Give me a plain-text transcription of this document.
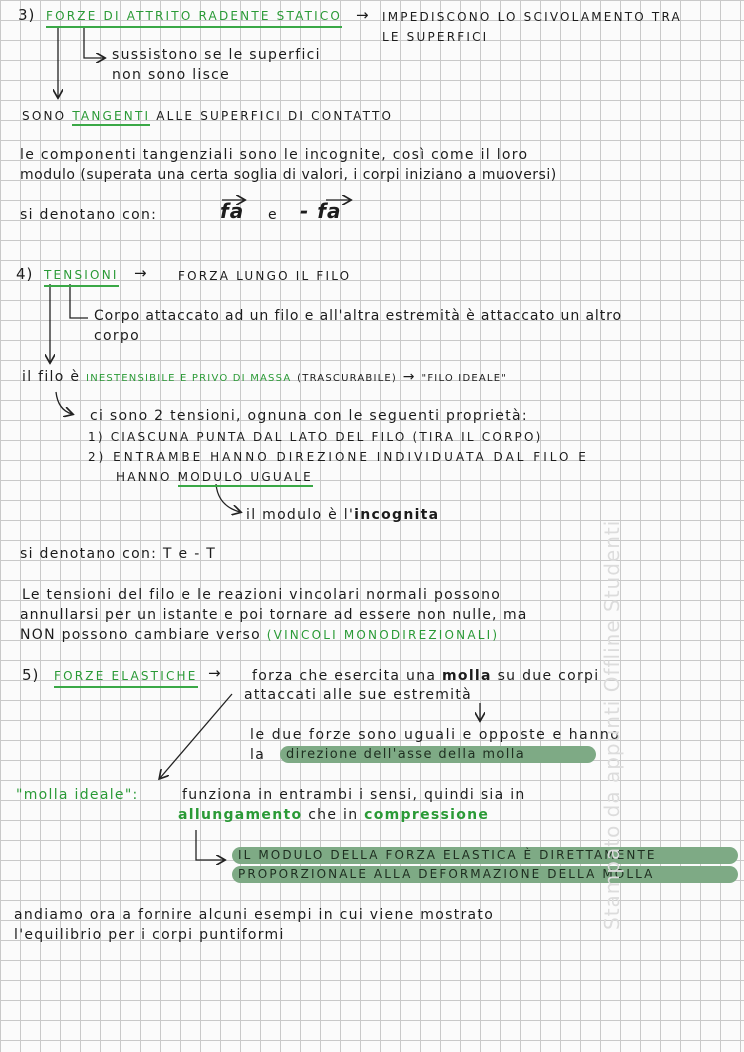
3) FORZE DI ATTRITO RADENTE STATICO → IMPEDISCONO LO SCIVOLAMENTO TRA
LE SUPERFICI
sussistono se le superfici
non sono lisce
SONO TANGENTI ALLE SUPERFICI DI CONTATTO
le componenti tangenziali sono le incognite, così come il loro
modulo (superata una certa soglia di valori, i corpi iniziano a muoversi)
si denotano con:	fa e - fa
4) TENSIONI →	FORZA LUNGO IL FILO
Corpo attaccato ad un filo e all'altra estremità è attaccato un altro
corpo
il filo è INESTENSIBILE E PRIVO DI MASSA (TRASCURABILE) → "FILO IDEALE"
ci sono 2 tensioni, ognuna con le seguenti proprietà:
1) CIASCUNA PUNTA DAL LATO DEL FILO (TIRA IL CORPO)
2) ENTRAMBE HANNO DIREZIONE INDIVIDUATA DAL FILO E
HANNO MODULO UGUALE
il modulo è l'incognita
si denotano con: T e - T
Le tensioni del filo e le reazioni vincolari normali possono
annullarsi per un istante e poi tornare ad essere non nulle, ma
NON possono cambiare verso (VINCOLI MONODIREZIONALI)
5) FORZE ELASTICHE → forza che esercita una molla su due corpi
attaccati alle sue estremità
le due forze sono uguali e opposte e hanno
la	direzione dell'asse della molla
"molla ideale":	funziona in entrambi i sensi, quindi sia in
allungamento che in compressione
IL MODULO DELLA FORZA ELASTICA È DIRETTAMENTE
PROPORZIONALE ALLA DEFORMAZIONE DELLA MOLLA
andiamo ora a fornire alcuni esempi in cui viene mostrato
l'equilibrio per i corpi puntiformi
Stampato da appunti Offline Studenti
